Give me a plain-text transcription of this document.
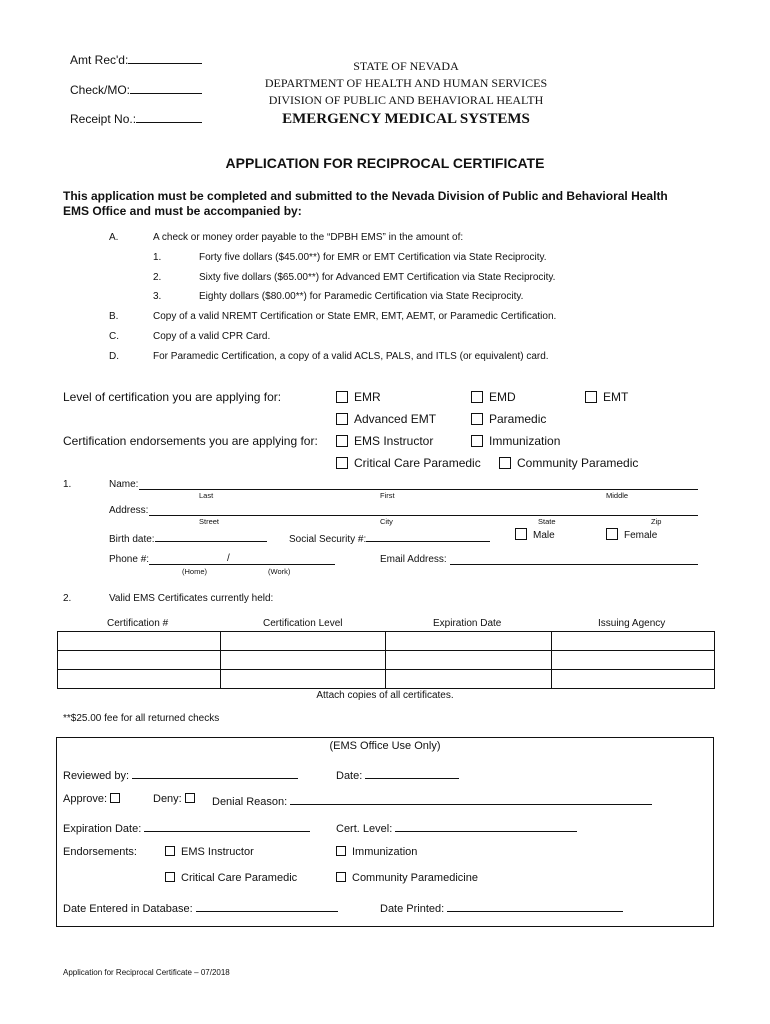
Amt Rec'd:
Check/MO:
Receipt No.:
STATE OF NEVADA
DEPARTMENT OF HEALTH AND HUMAN SERVICES
DIVISION OF PUBLIC AND BEHAVIORAL HEALTH
EMERGENCY MEDICAL SYSTEMS
APPLICATION FOR RECIPROCAL CERTIFICATE
This application must be completed and submitted to the Nevada Division of Public and Behavioral Health
EMS Office and must be accompanied by:
A.	A check or money order payable to the “DPBH EMS” in the amount of:
1.	Forty five dollars ($45.00**) for EMR or EMT Certification via State Reciprocity.
2.	Sixty five dollars ($65.00**) for Advanced EMT Certification via State Reciprocity.
3.	Eighty dollars ($80.00**) for Paramedic Certification via State Reciprocity.
B.	Copy of a valid NREMT Certification or State EMR, EMT, AEMT, or Paramedic Certification.
C.	Copy of a valid CPR Card.
D.	For Paramedic Certification, a copy of a valid ACLS, PALS, and ITLS (or equivalent) card.
Level of certification you are applying for:	EMR	EMD	EMT
Advanced EMT	Paramedic
Certification endorsements you are applying for:	EMS Instructor	Immunization
Critical Care Paramedic	Community Paramedic
1.	Name:
Last	First	Middle
Address:
Street	City	State	Zip
Birth date:	Social Security #:	Male	Female
Phone #:	/
(Home)	(Work)
Email Address:
2.	Valid EMS Certificates currently held:
Certification #	Certification Level	Expiration Date	Issuing Agency

Attach copies of all certificates.
**$25.00 fee for all returned checks
(EMS Office Use Only)
Reviewed by:	Date:
Approve:	Deny:	Denial Reason:
Expiration Date:	Cert. Level:
Endorsements:	EMS Instructor	Immunization
Critical Care Paramedic	Community Paramedicine
Date Entered in Database:	Date Printed:
Application for Reciprocal Certificate – 07/2018
